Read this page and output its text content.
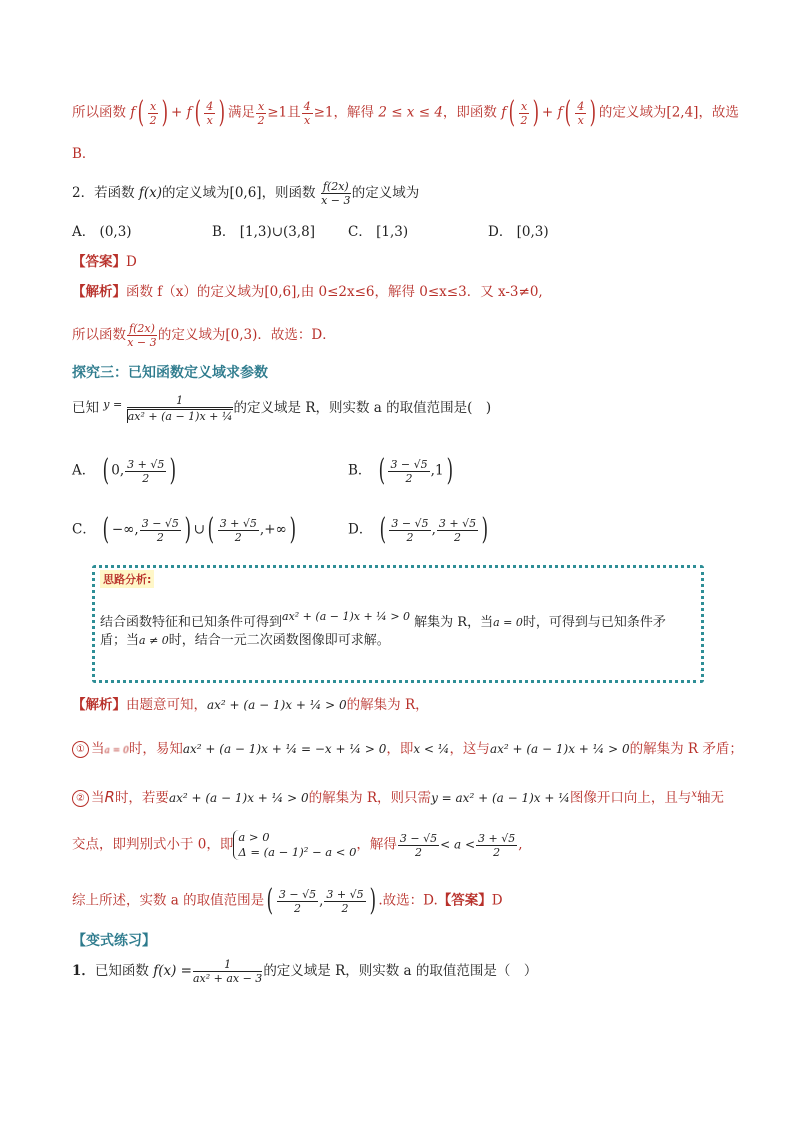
所以函数 $f( \frac{x}{2}$ ) + $f( \frac{4}{x}$ ) 满足 $\frac{x}{2} \ge 1$且 $\frac{4}{x} \ge 1$，解得 2 ≤ x ≤ 4，即函数 $f( \frac{x}{2}$ ) + $f( \frac{4}{x}$ ) 的定义域为[2,4]，故选
B．
2．若函数 f(x)的定义域为[0,6]，则函数 $\frac{f(2x)}{x - 3}$ 的定义域为
A． (0,3)	B． [1,3)∪(3,8] C． [1,3)	D． [0,3)
【答案】D
【解析】函数 f（x）的定义域为[0,6],由 0≤2x≤6，解得 0≤x≤3．又 x-3≠0,
所以函数 $\frac{f(2x)}{x - 3}$ 的定义域为[0,3)．故选：D．
探究三：已知函数定义域求参数
已知 $y = \frac{1}{\text{ax² + (a − 1)x + ¼}}$ 的定义域是 R，则实数 a 的取值范围是(　)
A． ( 0, $\frac{3 + √5}{2}$ )	B． ( $\frac{3 - √5}{2} ,1$)
C． ( −∞, $\frac{3 - √5}{2}$ ) ∪( $\frac{3 + √5}{2}$ ,+∞)	D． ( $\frac{3 - √5}{2}$ , $\frac{3 + √5}{2}$ )
思路分析:
结合函数特征和已知条件可得到$^{ax^2 + (a - 1)x + \frac{1}{4} > 0}$ 解集为 R，当a = 0时，可得到与已知条件矛
盾；当a ≠ 0时，结合一元二次函数图像即可求解。
【解析】由题意可知，ax² + (a − 1)x + ¼ > 0的解集为 R，
① 当a = 0时，易知ax² + (a − 1)x + ¼ = −x + ¼ > 0，即x < ¼，这与ax² + (a − 1)x + ¼ > 0的解集为 R 矛盾；
② 当R时，若要ax² + (a − 1)x + ¼ > 0的解集为 R，则只需y = ax² + (a − 1)x + ¼图像开口向上，且与$^x$轴无
交点，即判别式小于 0，即 a > 0
Δ = (a − 1)² − a < 0，解得 $\frac{3 - √5}{2} < a < \frac{3 + √5}{2}$ ,
综上所述，实数 a 的取值范围是( $\frac{3 - √5}{2}$ , $\frac{3 + √5}{2}$ ) .故选：D.【答案】D
【变式练习】
1．已知函数 $f(x) = \frac{1}{\text{ax² + ax − 3}}$ 的定义域是 R，则实数 a 的取值范围是（　）
